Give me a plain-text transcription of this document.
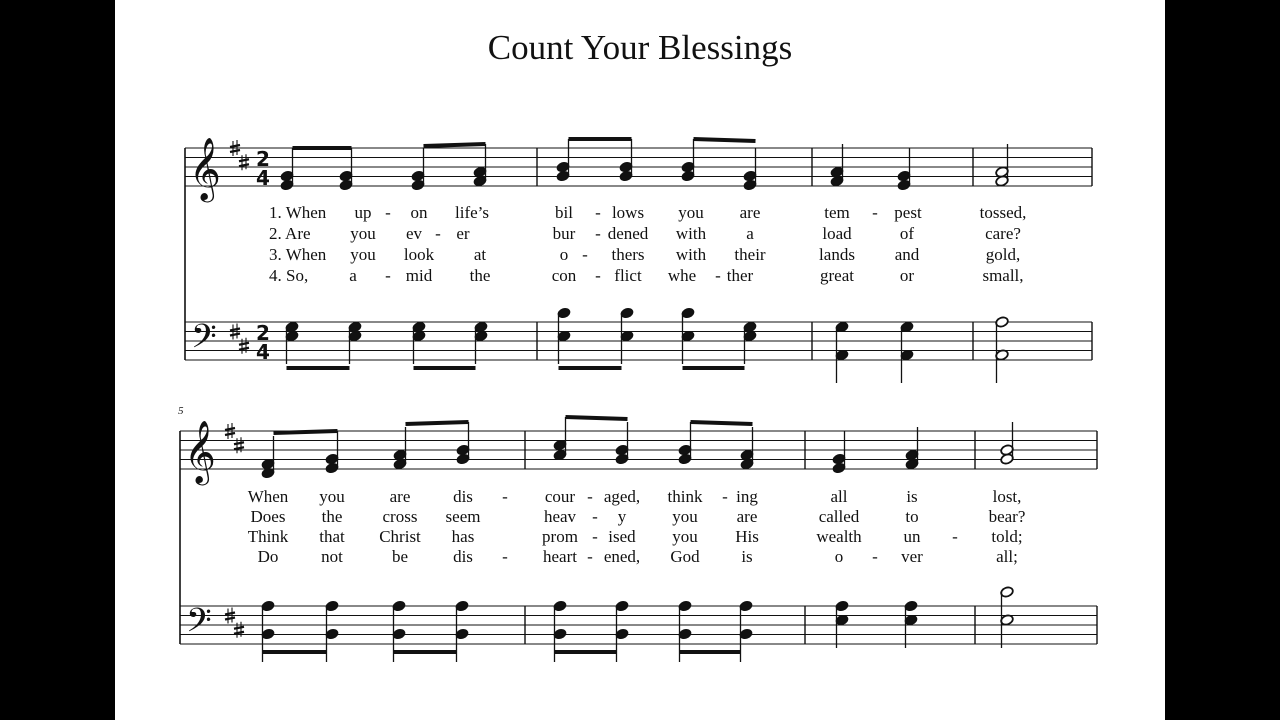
Count Your Blessings
𝄞
𝄢
2
4
2
4
𝄞
𝄢
5
1. When up - on life’s	bil - lows you are	tem - pest	tossed,
2. Are you ev - er	bur - dened with a	load	of	care?
3. When you look at	o - thers with their	lands and	gold,
4. So, a - mid the	con - flict whe - ther	great	or	small,
When you	are	dis - cour - aged, think - ing	all	is	lost,
Does the cross seem	heav - y	you are	called	to	bear?
Think that Christ has	prom - ised you His	wealth un - told;
Do	not	be	dis - heart - ened, God is	o - ver	all;
